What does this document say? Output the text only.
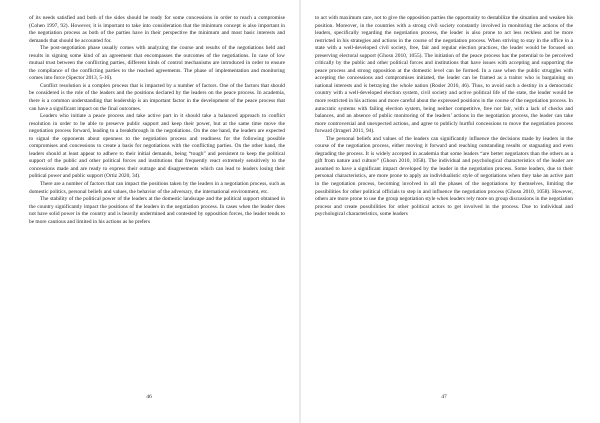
of its needs satisfied and both of the sides should be ready for some concessions in order to reach a compromise (Cohen 1997, 92). However, it is important to take into consideration that the minimum concept is also important in the negotiation process as both of the parties have in their perspective the minimum and most basic interests and demands that should be accounted for.

The post-negotiation phase usually comes with analyzing the course and results of the negotiations held and results in signing some kind of an agreement that encompasses the outcomes of the negotiations. In case of low mutual trust between the conflicting parties, different kinds of control mechanisms are introduced in order to ensure the compliance of the conflicting parties to the reached agreements. The phase of implementation and monitoring comes into force (Spector 2013, 5-16).

Conflict resolution is a complex process that is impacted by a number of factors. One of the factors that should be considered is the role of the leaders and the positions declared by the leaders on the peace process. In academia, there is a common understanding that leadership is an important factor in the development of the peace process that can have a significant impact on the final outcomes.

Leaders who initiate a peace process and take active part in it should take a balanced approach to conflict resolution in order to be able to preserve public support and keep their power, but at the same time move the negotiation process forward, leading to a breakthrough in the negotiations. On the one hand, the leaders are expected to signal the opponents about openness to the negotiation process and readiness for the following possible compromises and concessions to create a basis for negotiations with the conflicting parties. On the other hand, the leaders should at least appear to adhere to their initial demands, being “tough” and persistent to keep the political support of the public and other political forces and institutions that frequently react extremely sensitively to the concessions made and are ready to express their outrage and disagreements which can lead to leaders losing their political power and public support (Ortiz 2020, 34).

There are a number of factors that can impact the positions taken by the leaders in a negotiation process, such as domestic politics, personal beliefs and values, the behavior of the adversary, the international environment, etc.

The stability of the political power of the leaders at the domestic landscape and the political support obtained in the country significantly impact the positions of the leaders in the negotiation process. In cases when the leader does not have solid power in the country and is heavily undermined and contested by opposition forces, the leader tends to be more cautious and limited in his actions as he prefers

46

to act with maximum care, not to give the opposition parties the opportunity to destabilize the situation and weaken his position. Moreover, in the countries with a strong civil society constantly involved in monitoring the actions of the leaders, specifically regarding the negotiation process, the leader is also prone to act less reckless and be more restricted in his strategies and actions in the course of the negotiation process. When striving to stay in the office in a state with a well-developed civil society, free, fair and regular election practices, the leader would be focused on preserving electoral support (Ghosn 2010, 1055). The initiation of the peace process has the potential to be perceived critically by the public and other political forces and institutions that have issues with accepting and supporting the peace process and strong opposition at the domestic level can be formed. In a case when the public struggles with accepting the concessions and compromises initiated, the leader can be framed as a traitor who is bargaining on national interests and is betraying the whole nation (Rosler 2016, 46). Thus, to avoid such a destiny in a democratic country with a well-developed election system, civil society and active political life of the state, the leader would be more restricted in his actions and more careful about the expressed positions in the course of the negotiation process. In autocratic systems with failing election system, being neither competitive, free nor fair, with a lack of checks and balances, and an absence of public monitoring of the leaders’ actions in the negotiation process, the leader can take more controversial and unexpected actions, and agree to publicly hurtful concessions to move the negotiation process forward (Irrageri 2011, 94).

The personal beliefs and values of the leaders can significantly influence the decisions made by leaders in the course of the negotiation process, either moving it forward and reaching outstanding results or stagnating and even degrading the process. It is widely accepted in academia that some leaders “are better negotiators than the others as a gift from nature and culture” (Ghosn 2010, 1058). The individual and psychological characteristics of the leader are assumed to have a significant impact developed by the leader in the negotiation process. Some leaders, due to their personal characteristics, are more prone to apply an individualistic style of negotiations when they take an active part in the negotiation process, becoming involved in all the phases of the negotiations by themselves, limiting the possibilities for other political officials to step in and influence the negotiation process (Ghosn 2010, 1058). However, others are more prone to use the group negotiation style when leaders rely more on group discussions in the negotiation process and create possibilities for other political actors to get involved in the process. Due to individual and psychological characteristics, some leaders

47
